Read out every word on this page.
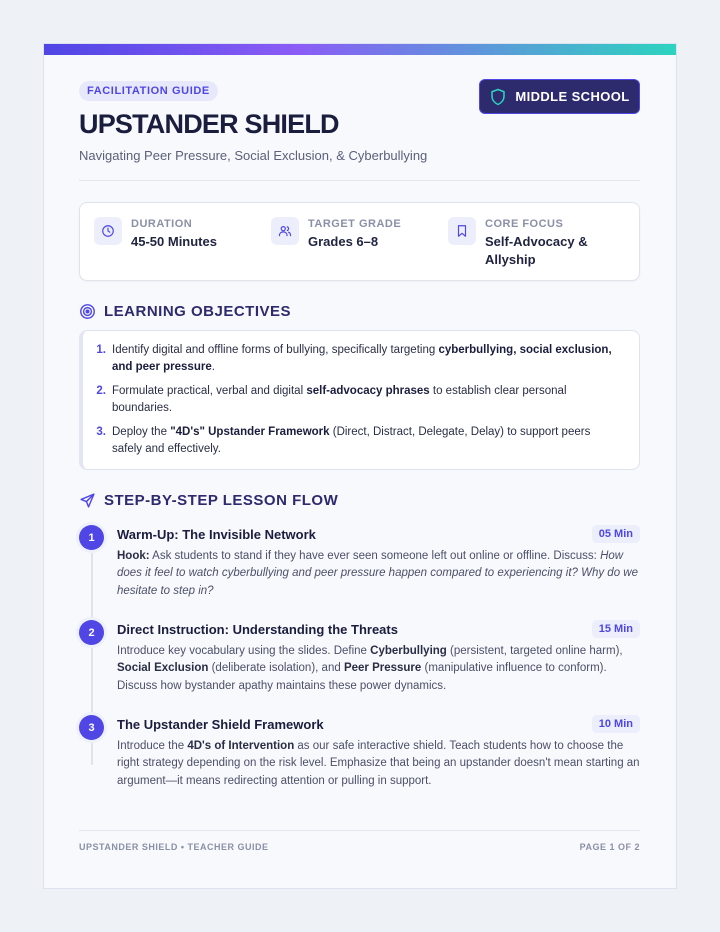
MIDDLE SCHOOL
FACILITATION GUIDE
UPSTANDER SHIELD

Navigating Peer Pressure, Social Exclusion, & Cyberbullying

DURATION
45-50 Minutes
TARGET GRADE
Grades 6–8
CORE FOCUS
Self-Advocacy &
Allyship
LEARNING OBJECTIVES
1. Identify digital and offline forms of bullying, specifically targeting cyberbullying, social exclusion, and peer pressure.
2. Formulate practical, verbal and digital self-advocacy phrases to establish clear personal boundaries.
3. Deploy the "4D's" Upstander Framework (Direct, Distract, Delegate, Delay) to support peers safely and effectively.
STEP-BY-STEP LESSON FLOW
1	Warm-Up: The Invisible Network	05 Min

Hook: Ask students to stand if they have ever seen someone left out online or offline. Discuss: How does it feel to watch cyberbullying and peer pressure happen compared to experiencing it? Why do we hesitate to step in?

2	Direct Instruction: Understanding the Threats	15 Min

Introduce key vocabulary using the slides. Define Cyberbullying (persistent, targeted online harm), Social Exclusion (deliberate isolation), and Peer Pressure (manipulative influence to conform). Discuss how bystander apathy maintains these power dynamics.

3	The Upstander Shield Framework	10 Min

Introduce the 4D's of Intervention as our safe interactive shield. Teach students how to choose the right strategy depending on the risk level. Emphasize that being an upstander doesn't mean starting an argument—it means redirecting attention or pulling in support.

UPSTANDER SHIELD • TEACHER GUIDE	PAGE 1 OF 2
